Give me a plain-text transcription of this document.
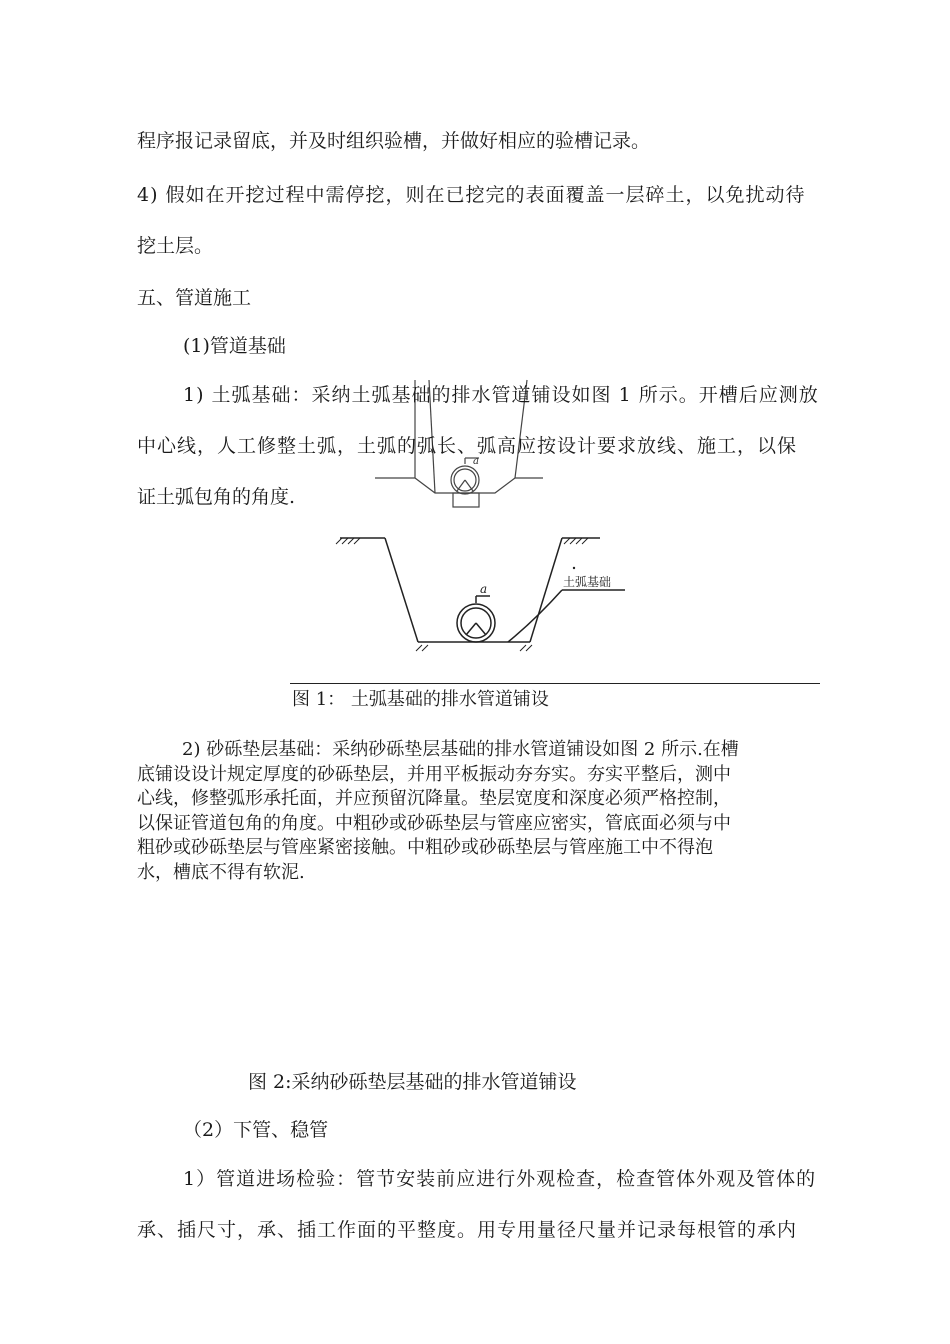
程序报记录留底，并及时组织验槽，并做好相应的验槽记录。
4) 假如在开挖过程中需停挖，则在已挖完的表面覆盖一层碎土，以免扰动待
挖土层。
五、管道施工
(1)管道基础
a
1) 土弧基础：采纳土弧基础的排水管道铺设如图 1 所示。开槽后应测放
中心线，人工修整土弧，土弧的弧长、弧高应按设计要求放线、施工，以保
证土弧包角的角度.
a	土弧基础
图 1： 土弧基础的排水管道铺设
2) 砂砾垫层基础：采纳砂砾垫层基础的排水管道铺设如图 2 所示.在槽
底铺设设计规定厚度的砂砾垫层，并用平板振动夯夯实。夯实平整后，测中
心线，修整弧形承托面，并应预留沉降量。垫层宽度和深度必须严格控制，
以保证管道包角的角度。中粗砂或砂砾垫层与管座应密实，管底面必须与中
粗砂或砂砾垫层与管座紧密接触。中粗砂或砂砾垫层与管座施工中不得泡
水，槽底不得有软泥.
图 2:采纳砂砾垫层基础的排水管道铺设
（2）下管、稳管
1）管道进场检验：管节安装前应进行外观检查，检查管体外观及管体的
承、插尺寸，承、插工作面的平整度。用专用量径尺量并记录每根管的承内
